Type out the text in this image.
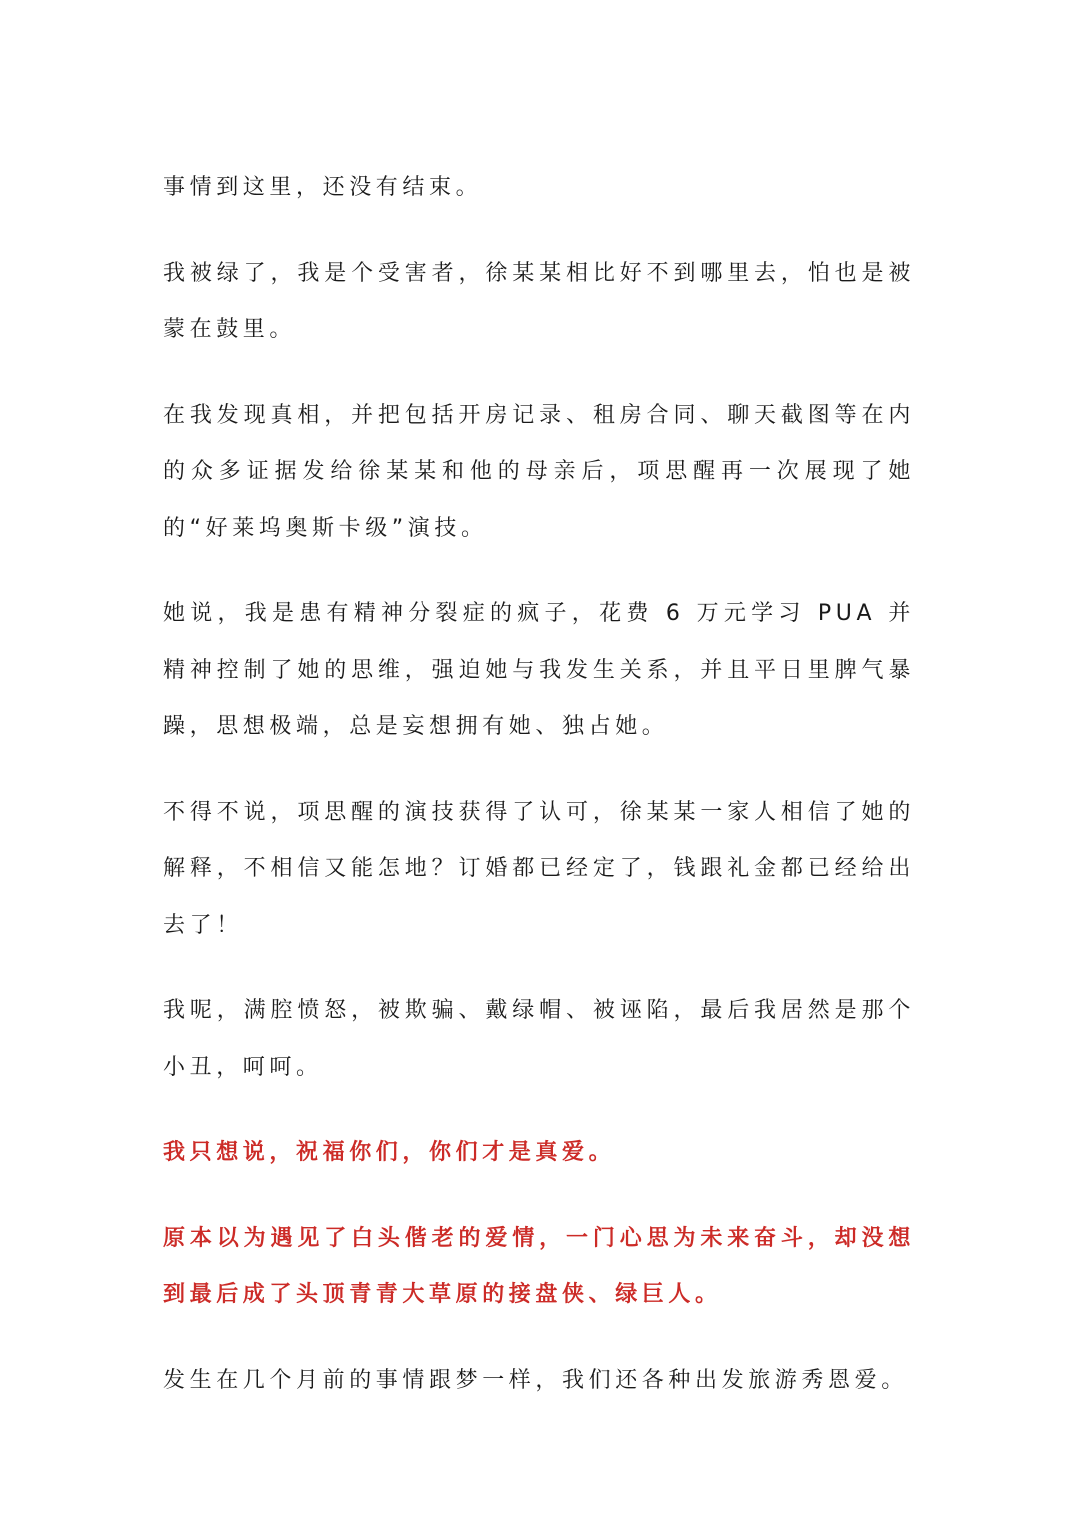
事情到这里，还没有结束。

我被绿了，我是个受害者，徐某某相比好不到哪里去，怕也是被蒙在鼓里。

在我发现真相，并把包括开房记录、租房合同、聊天截图等在内的众多证据发给徐某某和他的母亲后，项思醒再一次展现了她的“好莱坞奥斯卡级”演技。

她说，我是患有精神分裂症的疯子，花费 6 万元学习 PUA 并精神控制了她的思维，强迫她与我发生关系，并且平日里脾气暴躁，思想极端，总是妄想拥有她、独占她。

不得不说，项思醒的演技获得了认可，徐某某一家人相信了她的解释，不相信又能怎地？订婚都已经定了，钱跟礼金都已经给出去了！

我呢，满腔愤怒，被欺骗、戴绿帽、被诬陷，最后我居然是那个小丑，呵呵。

我只想说，祝福你们，你们才是真爱。

原本以为遇见了白头偕老的爱情，一门心思为未来奋斗，却没想到最后成了头顶青青大草原的接盘侠、绿巨人。

发生在几个月前的事情跟梦一样，我们还各种出发旅游秀恩爱。
